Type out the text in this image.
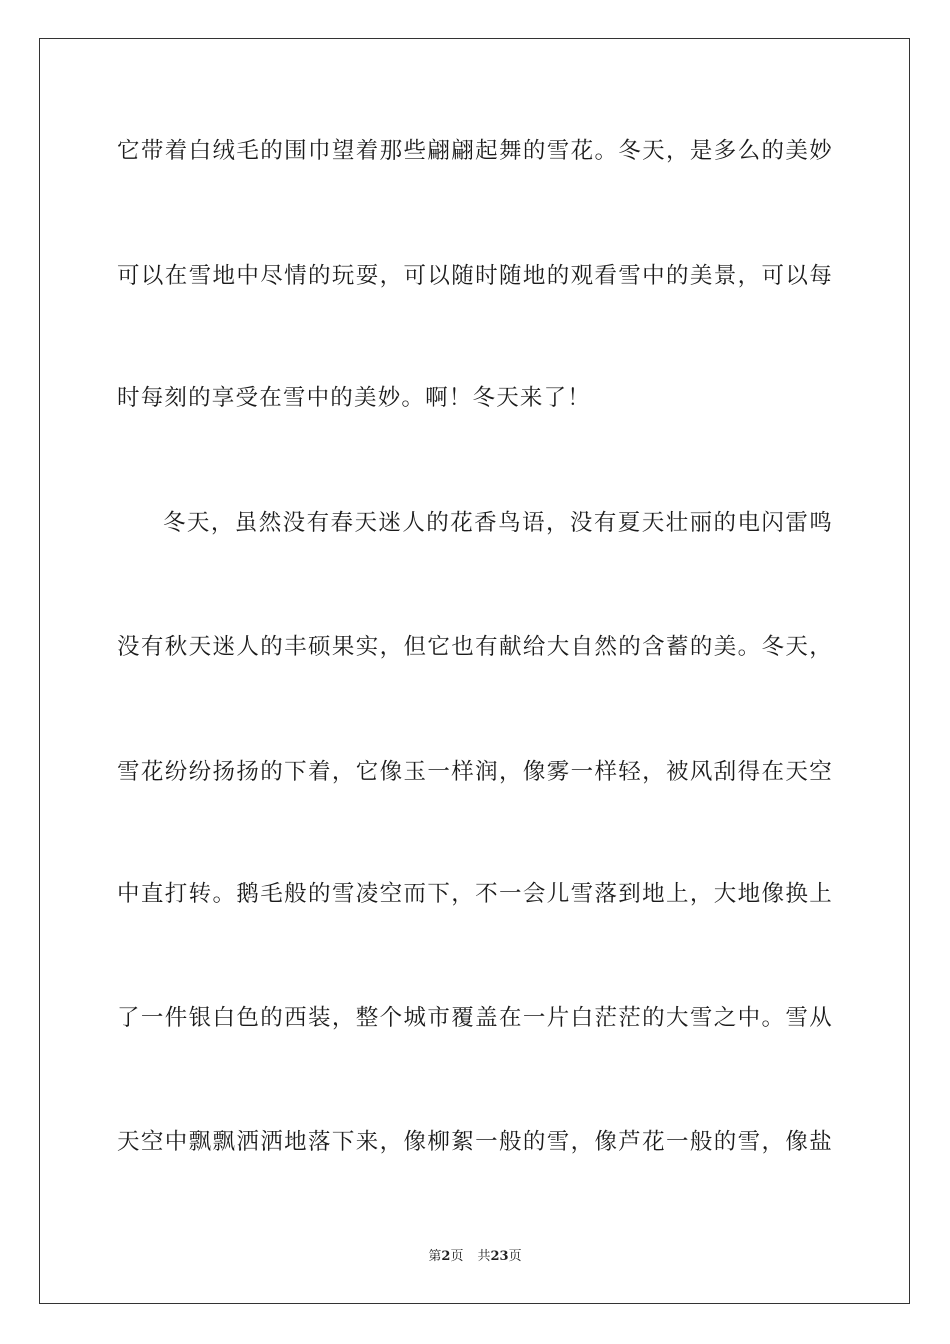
它带着白绒毛的围巾望着那些翩翩起舞的雪花。冬天，是多么的美妙
可以在雪地中尽情的玩耍，可以随时随地的观看雪中的美景，可以每
时每刻的享受在雪中的美妙。啊！冬天来了！
冬天，虽然没有春天迷人的花香鸟语，没有夏天壮丽的电闪雷鸣
没有秋天迷人的丰硕果实，但它也有献给大自然的含蓄的美。冬天，
雪花纷纷扬扬的下着，它像玉一样润，像雾一样轻，被风刮得在天空
中直打转。鹅毛般的雪凌空而下，不一会儿雪落到地上，大地像换上
了一件银白色的西装，整个城市覆盖在一片白茫茫的大雪之中。雪从
天空中飘飘洒洒地落下来，像柳絮一般的雪，像芦花一般的雪，像盐
第2页 共23页
